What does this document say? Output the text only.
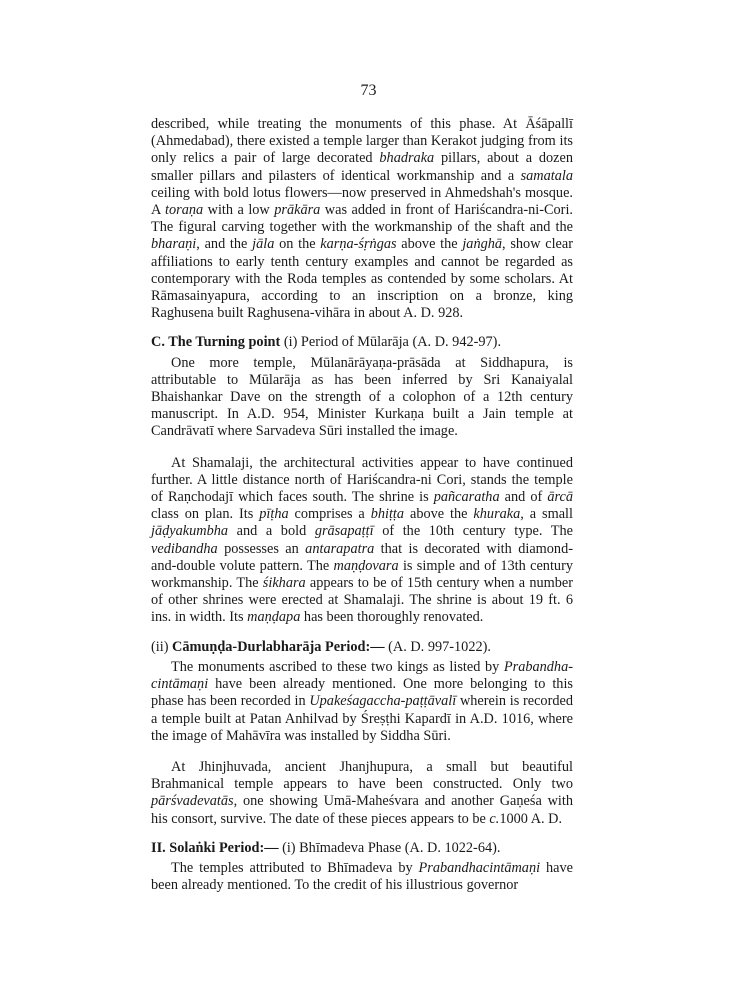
73

described, while treating the monuments of this phase. At Āśāpallī (Ahmedabad), there existed a temple larger than Kerakot judging from its only relics a pair of large decorated bhadraka pillars, about a dozen smaller pillars and pilasters of identical workmanship and a samatala ceiling with bold lotus flowers—now preserved in Ahmedshah's mosque. A toraṇa with a low prākāra was added in front of Hariścandra-ni-Cori. The figural carving together with the workmanship of the shaft and the bharaṇi, and the jāla on the karṇa-śṛṅgas above the jaṅghā, show clear affiliations to early tenth century examples and cannot be regarded as contemporary with the Roda temples as contended by some scholars. At Rāmasainyapura, according to an inscription on a bronze, king Raghusena built Raghusena-vihāra in about A. D. 928.

C. The Turning point (i) Period of Mūlarāja (A. D. 942-97).

One more temple, Mūlanārāyaṇa-prāsāda at Siddhapura, is attributable to Mūlarāja as has been inferred by Sri Kanaiyalal Bhaishankar Dave on the strength of a colophon of a 12th century manuscript. In A.D. 954, Minister Kurkaṇa built a Jain temple at Candrāvatī where Sarvadeva Sūri installed the image.

At Shamalaji, the architectural activities appear to have continued further. A little distance north of Hariścandra-ni Cori, stands the temple of Raṇchodajī which faces south. The shrine is pañcaratha and of ārcā class on plan. Its pīṭha comprises a bhiṭṭa above the khuraka, a small jāḍyakumbha and a bold grāsapaṭṭī of the 10th century type. The vedibandha possesses an antarapatra that is decorated with diamond-and-double volute pattern. The maṇḍovara is simple and of 13th century workmanship. The śikhara appears to be of 15th century when a number of other shrines were erected at Shamalaji. The shrine is about 19 ft. 6 ins. in width. Its maṇḍapa has been thoroughly renovated.

(ii) Cāmuṇḍa-Durlabharāja Period:— (A. D. 997-1022).

The monuments ascribed to these two kings as listed by Prabandha-cintāmaṇi have been already mentioned. One more belonging to this phase has been recorded in Upakeśagaccha-paṭṭāvalī wherein is recorded a temple built at Patan Anhilvad by Śreṣṭhi Kapardī in A.D. 1016, where the image of Mahāvīra was installed by Siddha Sūri.

At Jhinjhuvada, ancient Jhanjhupura, a small but beautiful Brahmanical temple appears to have been constructed. Only two pārśvadevatās, one showing Umā-Maheśvara and another Gaṇeśa with his consort, survive. The date of these pieces appears to be c.1000 A. D.

II. Solaṅki Period:— (i) Bhīmadeva Phase (A. D. 1022-64).

The temples attributed to Bhīmadeva by Prabandhacintāmaṇi have been already mentioned. To the credit of his illustrious governor
